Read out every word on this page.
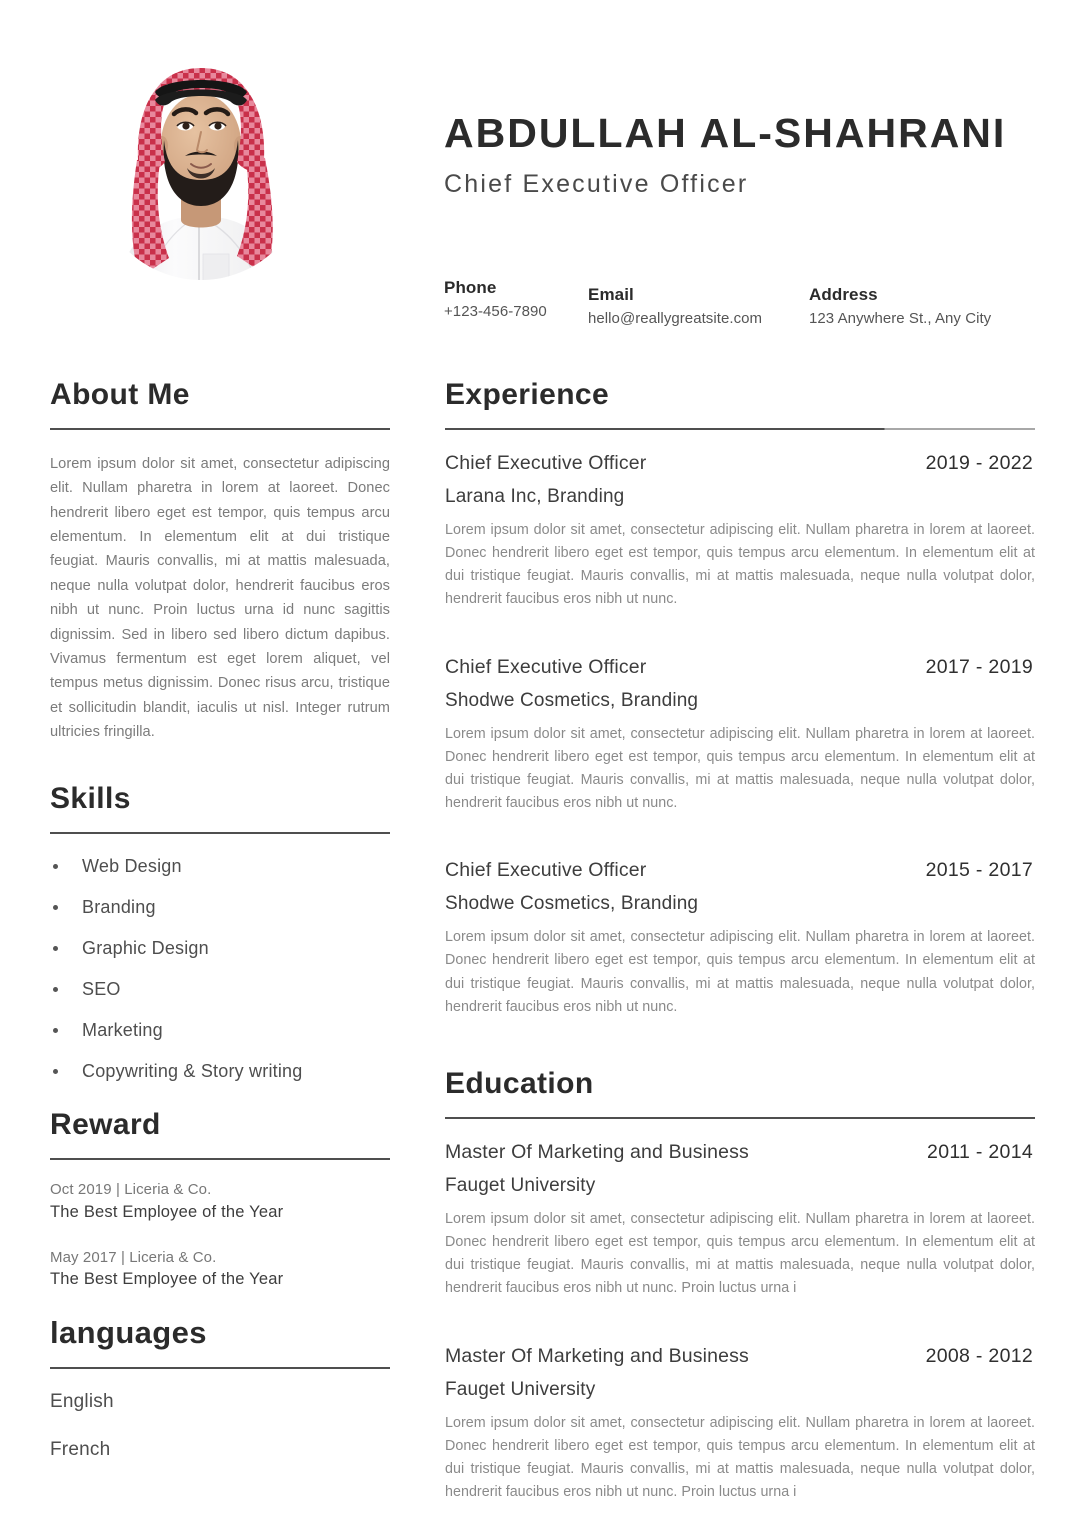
ABDULLAH AL-SHAHRANI
Chief Executive Officer
Phone
+123-456-7890
Email
hello@reallygreatsite.com
Address
123 Anywhere St., Any City
About Me

Lorem ipsum dolor sit amet, consectetur adipiscing elit. Nullam pharetra in lorem at laoreet. Donec hendrerit libero eget est tempor, quis tempus arcu elementum. In elementum elit at dui tristique feugiat. Mauris convallis, mi at mattis malesuada, neque nulla volutpat dolor, hendrerit faucibus eros nibh ut nunc. Proin luctus urna id nunc sagittis dignissim. Sed in libero sed libero dictum dapibus. Vivamus fermentum est eget lorem aliquet, vel tempus metus dignissim. Donec risus arcu, tristique et sollicitudin blandit, iaculis ut nisl. Integer rutrum ultricies fringilla.

Skills
Web Design
Branding
Graphic Design
SEO
Marketing
Copywriting & Story writing
Reward
Oct 2019 | Liceria & Co.
The Best Employee of the Year
May 2017 | Liceria & Co.
The Best Employee of the Year
languages
English
French
Experience
Chief Executive Officer	2019 - 2022
Larana Inc, Branding

Lorem ipsum dolor sit amet, consectetur adipiscing elit. Nullam pharetra in lorem at laoreet. Donec hendrerit libero eget est tempor, quis tempus arcu elementum. In elementum elit at dui tristique feugiat. Mauris convallis, mi at mattis malesuada, neque nulla volutpat dolor, hendrerit faucibus eros nibh ut nunc.

Chief Executive Officer	2017 - 2019
Shodwe Cosmetics, Branding

Lorem ipsum dolor sit amet, consectetur adipiscing elit. Nullam pharetra in lorem at laoreet. Donec hendrerit libero eget est tempor, quis tempus arcu elementum. In elementum elit at dui tristique feugiat. Mauris convallis, mi at mattis malesuada, neque nulla volutpat dolor, hendrerit faucibus eros nibh ut nunc.

Chief Executive Officer	2015 - 2017
Shodwe Cosmetics, Branding

Lorem ipsum dolor sit amet, consectetur adipiscing elit. Nullam pharetra in lorem at laoreet. Donec hendrerit libero eget est tempor, quis tempus arcu elementum. In elementum elit at dui tristique feugiat. Mauris convallis, mi at mattis malesuada, neque nulla volutpat dolor, hendrerit faucibus eros nibh ut nunc.

Education
Master Of Marketing and Business	2011 - 2014
Fauget University

Lorem ipsum dolor sit amet, consectetur adipiscing elit. Nullam pharetra in lorem at laoreet. Donec hendrerit libero eget est tempor, quis tempus arcu elementum. In elementum elit at dui tristique feugiat. Mauris convallis, mi at mattis malesuada, neque nulla volutpat dolor, hendrerit faucibus eros nibh ut nunc. Proin luctus urna i

Master Of Marketing and Business	2008 - 2012
Fauget University

Lorem ipsum dolor sit amet, consectetur adipiscing elit. Nullam pharetra in lorem at laoreet. Donec hendrerit libero eget est tempor, quis tempus arcu elementum. In elementum elit at dui tristique feugiat. Mauris convallis, mi at mattis malesuada, neque nulla volutpat dolor, hendrerit faucibus eros nibh ut nunc. Proin luctus urna i
